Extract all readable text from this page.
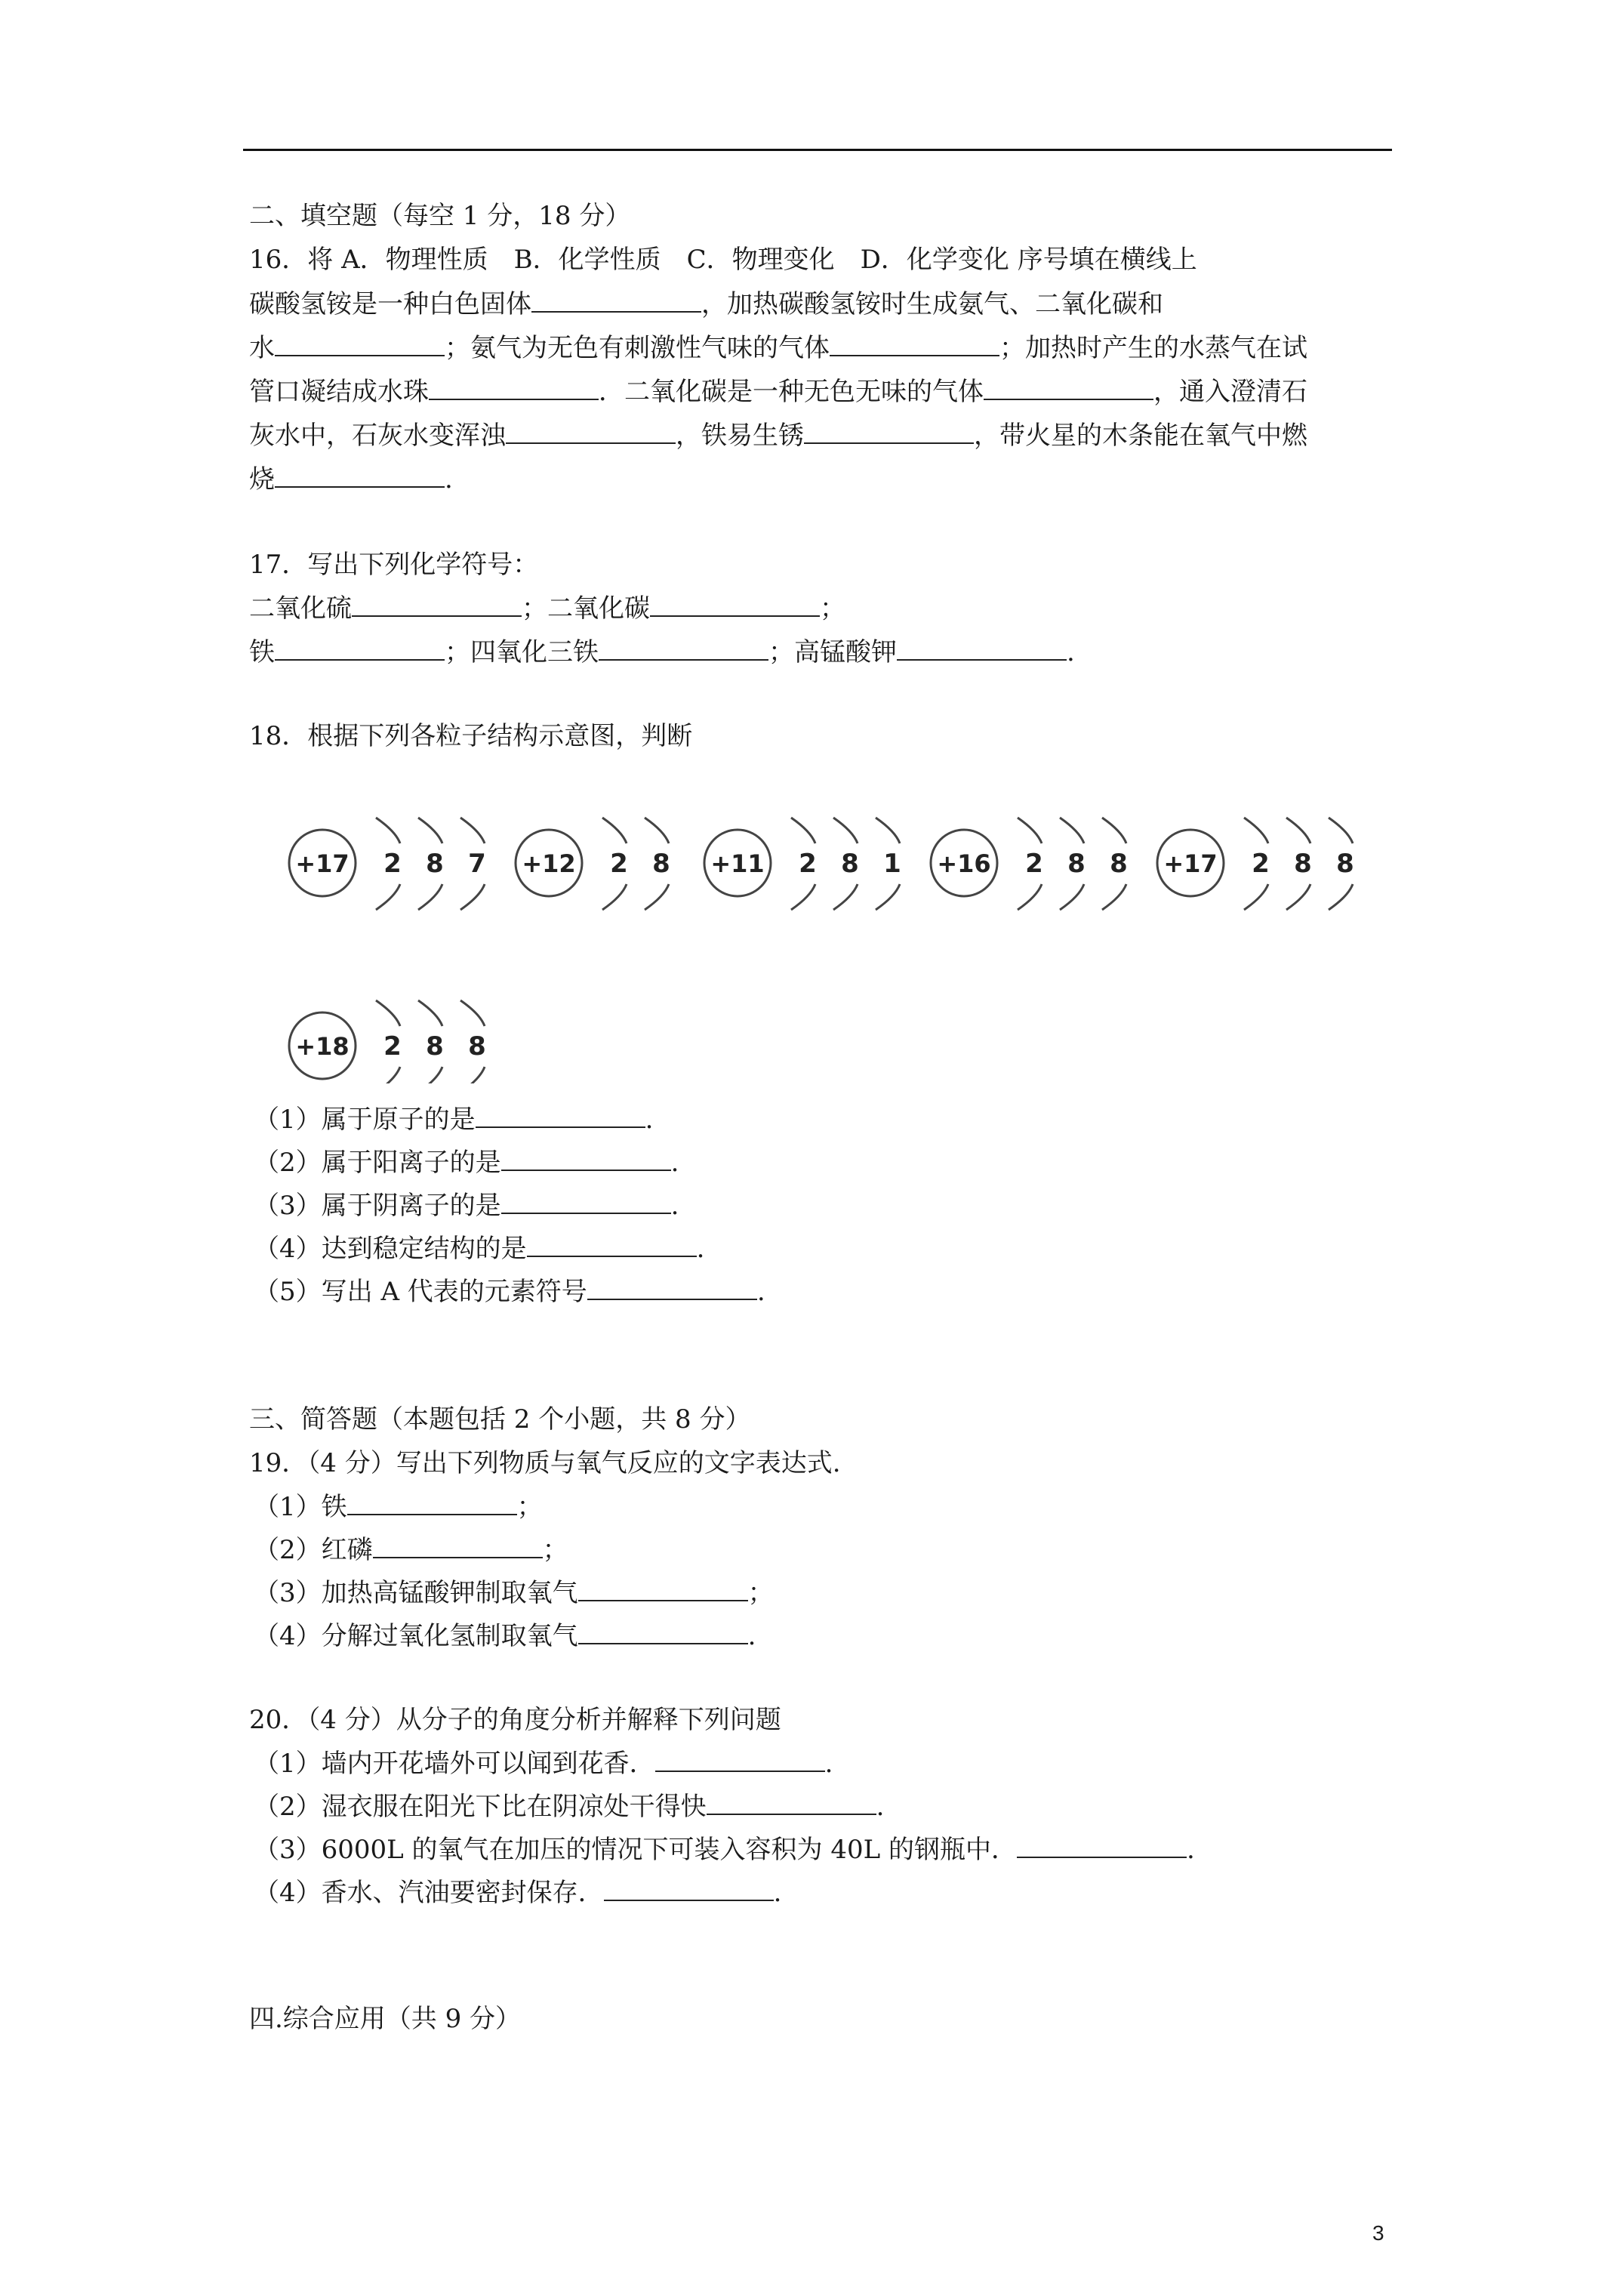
二、填空题（每空 1 分，18 分）
16．将 A．物理性质　B．化学性质　C．物理变化　D．化学变化 序号填在横线上
碳酸氢铵是一种白色固体	，加热碳酸氢铵时生成氨气、二氧化碳和
水	；氨气为无色有刺激性气味的气体	；加热时产生的水蒸气在试
管口凝结成水珠	．二氧化碳是一种无色无味的气体	，通入澄清石
灰水中，石灰水变浑浊	，铁易生锈	，带火星的木条能在氧气中燃
烧	.
17．写出下列化学符号：
二氧化硫	；二氧化碳	；
铁	；四氧化三铁	；高锰酸钾	.
18．根据下列各粒子结构示意图，判断
+17 2 8 7 +12 2 8 +11 2 8 1 +16 2 8 8 +17 2 8 8
+18 2 8 8
（1）属于原子的是	.
（2）属于阳离子的是	.
（3）属于阴离子的是	.
（4）达到稳定结构的是	.
（5）写出 A 代表的元素符号	.
三、简答题（本题包括 2 个小题，共 8 分）
19．（4 分）写出下列物质与氧气反应的文字表达式.
（1）铁	；
（2）红磷	；
（3）加热高锰酸钾制取氧气	；
（4）分解过氧化氢制取氧气	.
20．（4 分）从分子的角度分析并解释下列问题
（1）墙内开花墙外可以闻到花香．	.
（2）湿衣服在阳光下比在阴凉处干得快	.
（3）6000L 的氧气在加压的情况下可装入容积为 40L 的钢瓶中．	.
（4）香水、汽油要密封保存．	.
四.综合应用（共 9 分）
3
